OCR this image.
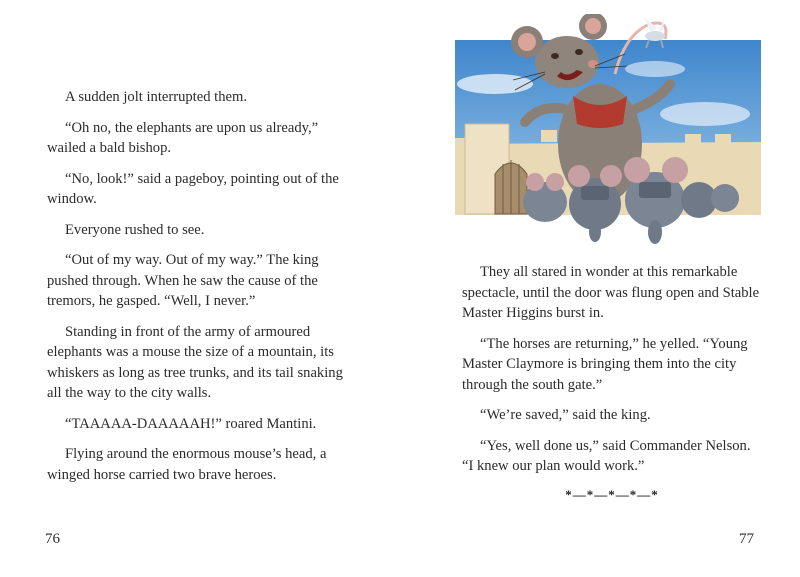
A sudden jolt interrupted them.

“Oh no, the elephants are upon us already,” wailed a bald bishop.

“No, look!” said a pageboy, pointing out of the window.

Everyone rushed to see.

“Out of my way. Out of my way.” The king pushed through. When he saw the cause of the tremors, he gasped. “Well, I never.”

Standing in front of the army of armoured elephants was a mouse the size of a mountain, its whiskers as long as tree trunks, and its tail snaking all the way to the city walls.

“TAAAAA-DAAAAAH!” roared Mantini.

Flying around the enormous mouse’s head, a winged horse carried two brave heroes.

76

They all stared in wonder at this remarkable spectacle, until the door was flung open and Stable Master Higgins burst in.

“The horses are returning,” he yelled. “Young Master Claymore is bringing them into the city through the south gate.”

“We’re saved,” said the king.

“Yes, well done us,” said Commander Nelson. “I knew our plan would work.”

*—*—*—*—*
77
